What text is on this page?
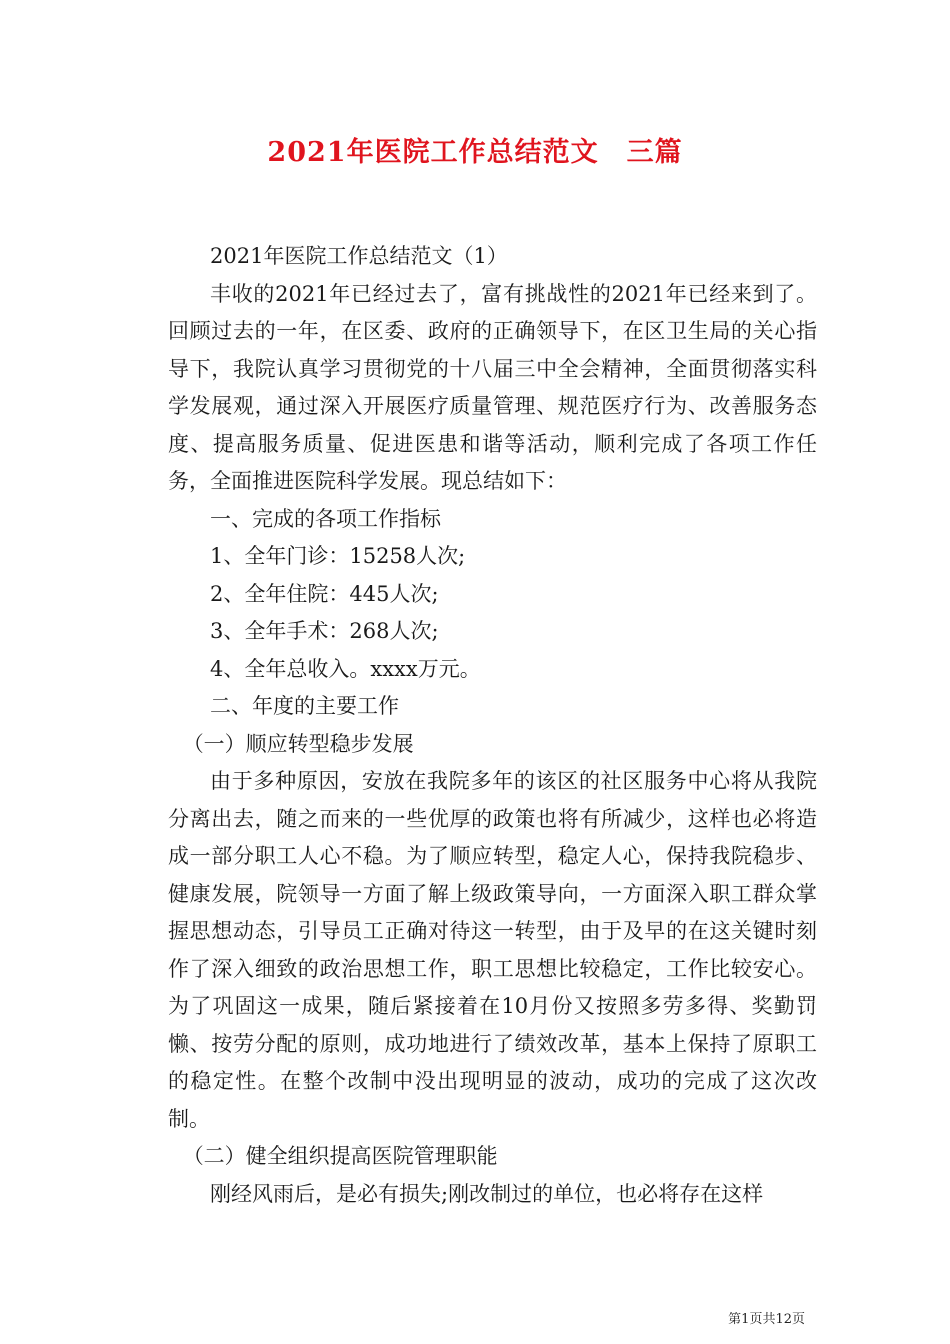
2021年医院工作总结范文　三篇

2021年医院工作总结范文（1）

丰收的2021年已经过去了，富有挑战性的2021年已经来到了。回顾过去的一年，在区委、政府的正确领导下，在区卫生局的关心指导下，我院认真学习贯彻党的十八届三中全会精神，全面贯彻落实科学发展观，通过深入开展医疗质量管理、规范医疗行为、改善服务态度、提高服务质量、促进医患和谐等活动，顺利完成了各项工作任务，全面推进医院科学发展。现总结如下：

一、完成的各项工作指标

1、全年门诊：15258人次;

2、全年住院：445人次;

3、全年手术：268人次;

4、全年总收入。xxxx万元。

二、年度的主要工作

（一）顺应转型稳步发展

由于多种原因，安放在我院多年的该区的社区服务中心将从我院分离出去，随之而来的一些优厚的政策也将有所减少，这样也必将造成一部分职工人心不稳。为了顺应转型，稳定人心，保持我院稳步、健康发展，院领导一方面了解上级政策导向，一方面深入职工群众掌握思想动态，引导员工正确对待这一转型，由于及早的在这关键时刻作了深入细致的政治思想工作，职工思想比较稳定，工作比较安心。为了巩固这一成果，随后紧接着在10月份又按照多劳多得、奖勤罚懒、按劳分配的原则，成功地进行了绩效改革，基本上保持了原职工的稳定性。在整个改制中没出现明显的波动，成功的完成了这次改制。

（二）健全组织提高医院管理职能

刚经风雨后，是必有损失;刚改制过的单位，也必将存在这样

第1页共12页
